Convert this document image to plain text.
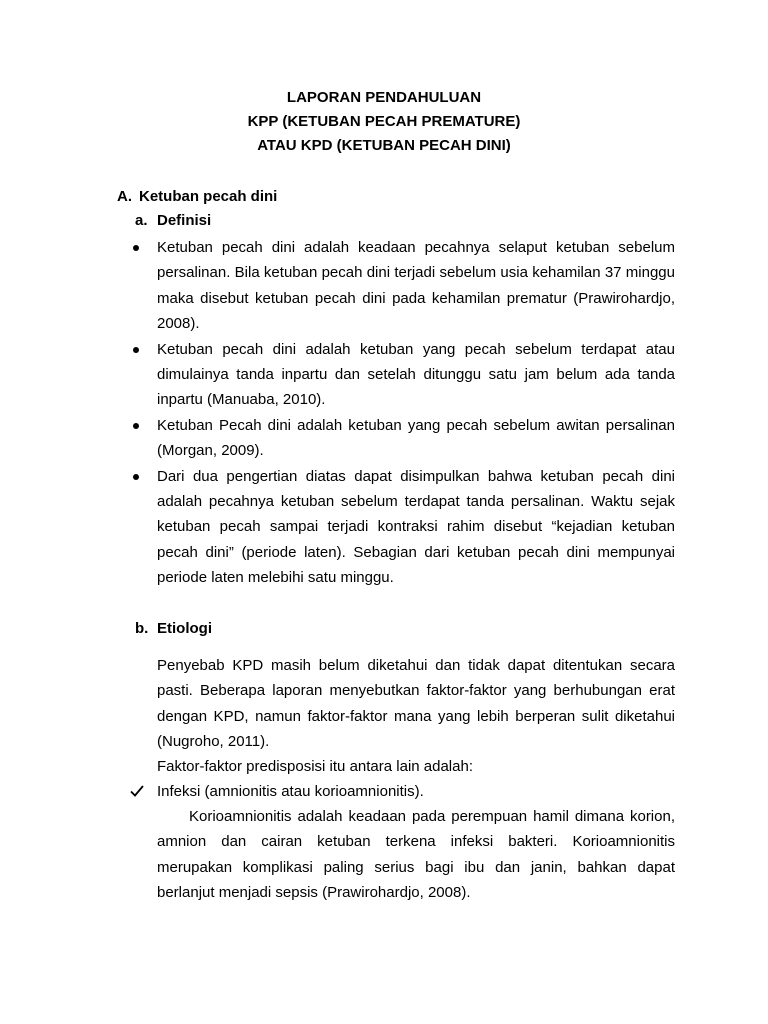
LAPORAN PENDAHULUAN
KPP (KETUBAN PECAH PREMATURE)
ATAU KPD (KETUBAN PECAH DINI)
A. Ketuban pecah dini
a. Definisi

Ketuban pecah dini adalah keadaan pecahnya selaput ketuban sebelum persalinan. Bila ketuban pecah dini terjadi sebelum usia kehamilan 37 minggu maka disebut ketuban pecah dini pada kehamilan prematur (Prawirohardjo, 2008).

Ketuban pecah dini adalah ketuban yang pecah sebelum terdapat atau dimulainya tanda inpartu dan setelah ditunggu satu jam belum ada tanda inpartu (Manuaba, 2010).

Ketuban Pecah dini adalah ketuban yang pecah sebelum awitan persalinan (Morgan, 2009).

Dari dua pengertian diatas dapat disimpulkan bahwa ketuban pecah dini adalah pecahnya ketuban sebelum terdapat tanda persalinan. Waktu sejak ketuban pecah sampai terjadi kontraksi rahim disebut “kejadian ketuban pecah dini” (periode laten). Sebagian dari ketuban pecah dini mempunyai periode laten melebihi satu minggu.

b. Etiologi
Penyebab KPD masih belum diketahui dan tidak dapat ditentukan secara pasti. Beberapa laporan menyebutkan faktor-faktor yang berhubungan erat dengan KPD, namun faktor-faktor mana yang lebih berperan sulit diketahui (Nugroho, 2011).
Faktor-faktor predisposisi itu antara lain adalah:
Infeksi (amnionitis atau korioamnionitis).
Korioamnionitis adalah keadaan pada perempuan hamil dimana korion, amnion dan cairan ketuban terkena infeksi bakteri. Korioamnionitis merupakan komplikasi paling serius bagi ibu dan janin, bahkan dapat berlanjut menjadi sepsis (Prawirohardjo, 2008).
